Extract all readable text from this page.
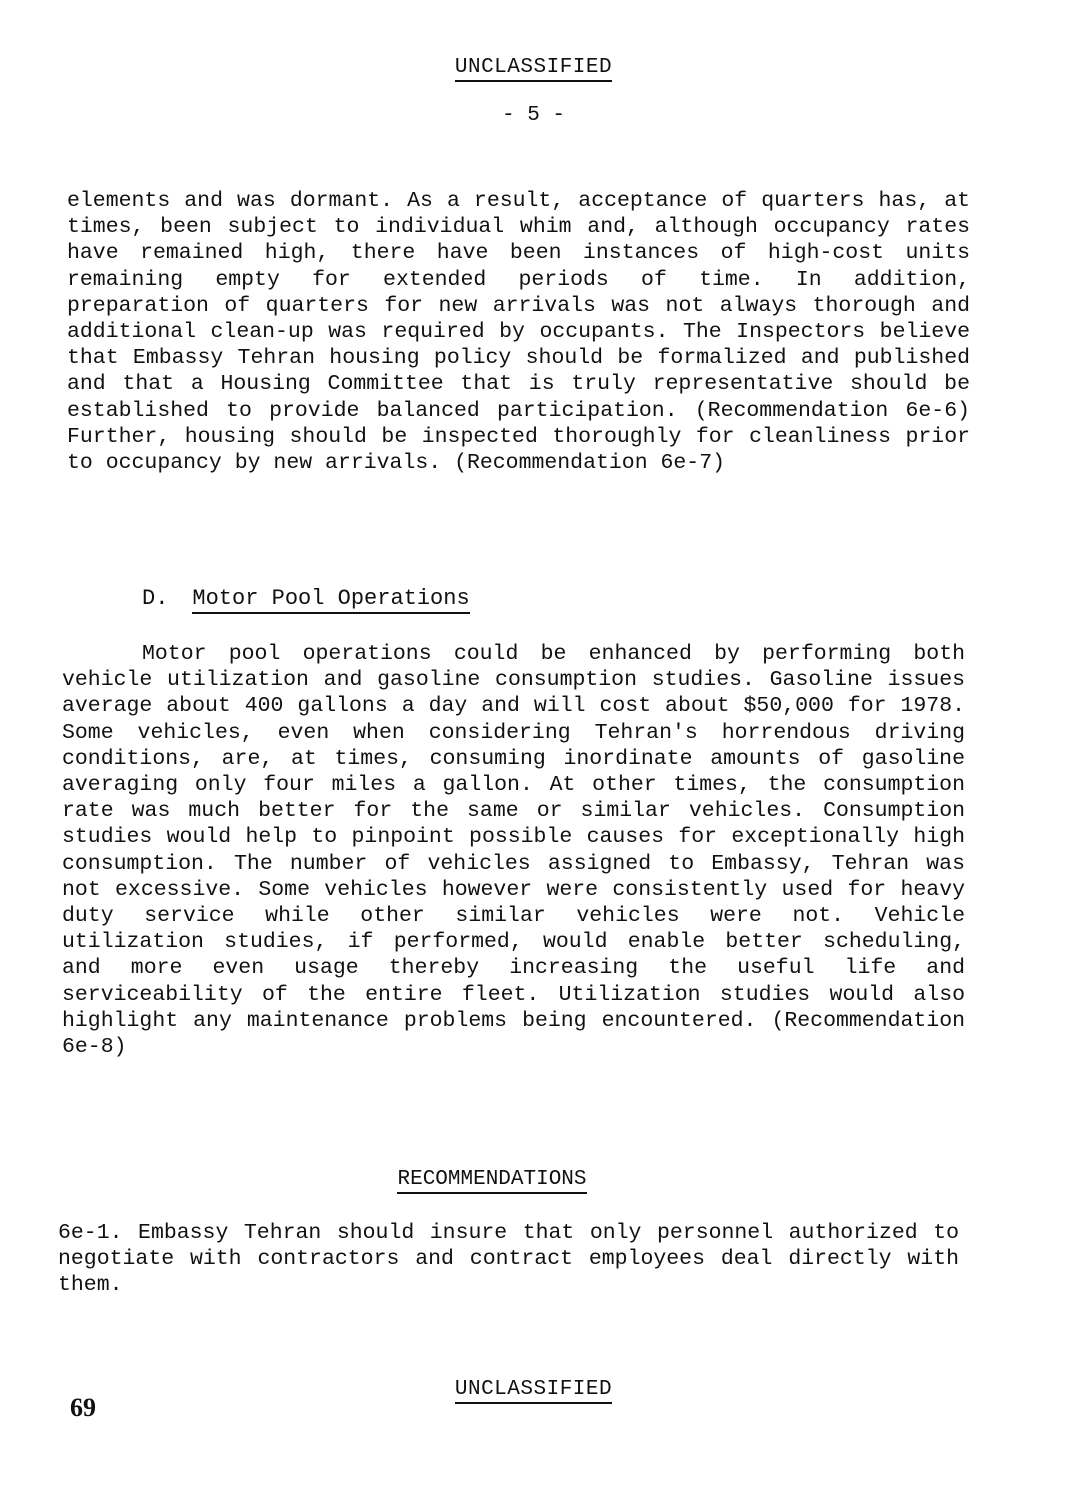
UNCLASSIFIED
- 5 -

elements and was dormant. As a result, acceptance of quarters has, at times, been subject to individual whim and, although occupancy rates have remained high, there have been instances of high-cost units remaining empty for extended periods of time. In addition, preparation of quarters for new arrivals was not always thorough and additional clean-up was required by occupants. The Inspectors believe that Embassy Tehran housing policy should be formalized and published and that a Housing Committee that is truly representative should be established to provide balanced participation. (Recommendation 6e-6) Further, housing should be inspected thoroughly for cleanliness prior to occupancy by new arrivals. (Recommendation 6e-7)

D. Motor Pool Operations

Motor pool operations could be enhanced by performing both vehicle utilization and gasoline consumption studies. Gasoline issues average about 400 gallons a day and will cost about $50,000 for 1978. Some vehicles, even when considering Tehran's horrendous driving conditions, are, at times, consuming inordinate amounts of gasoline averaging only four miles a gallon. At other times, the consumption rate was much better for the same or similar vehicles. Consumption studies would help to pinpoint possible causes for exceptionally high consumption. The number of vehicles assigned to Embassy, Tehran was not excessive. Some vehicles however were consistently used for heavy duty service while other similar vehicles were not. Vehicle utilization studies, if performed, would enable better scheduling, and more even usage thereby increasing the useful life and serviceability of the entire fleet. Utilization studies would also highlight any maintenance problems being encountered. (Recommendation 6e-8)

RECOMMENDATIONS

6e-1. Embassy Tehran should insure that only personnel authorized to negotiate with contractors and contract employees deal directly with them.

UNCLASSIFIED
69
